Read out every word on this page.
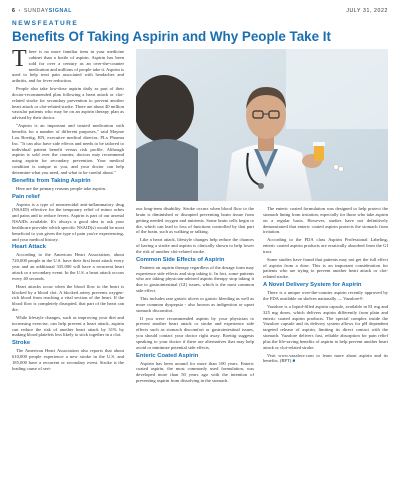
6 • SUNDAYSIGNAL	JULY 31, 2022
NEWSFEATURE
Benefits Of Taking Aspirin and Why People Take It

There is no more familiar item in your medicine cabinet than a bottle of aspirin. Aspirin has been sold for over a century as an over-the-counter medication and millions of people take it. Aspirin is used to help treat pain associated with headaches and arthritis, and for fever reduction.

People also take low-dose aspirin daily as part of their doctor-recommended plan following a heart attack or clot-related stroke for secondary prevention to prevent another heart attack or clot-related stroke. There are about 40 million vascular patients who may be on an aspirin therapy plan as advised by their doctor.

"Aspirin is an important and trusted medication with benefits for a number of different purposes," said Mayme Lou Roettig, RN, executive medical director, PLx Pharma Inc. "It can also have side effects and needs to be tailored to individual patient benefit versus risk profile. Although aspirin is sold over the counter, doctors may recommend using aspirin for secondary prevention. Your medical condition is unique to you, and your doctor can help determine what you need, and what to be careful about."

Benefits from Taking Aspirin

Here are the primary reasons people take aspirin.

Pain relief

Aspirin is a type of nonsteroidal anti-inflammatory drug (NSAID) effective for the temporary relief of minor aches and pains and to reduce fevers. Aspirin is part of our arsenal NSAIDs available. It's always a good idea to ask your healthcare provider which specific NSAID(s) would be most beneficial to you given the type of pain you're experiencing, and your medical history.

Heart Attack

According to the American Heart Association, about 720,000 people in the U.S. have their first heart attack every year and an additional 335,000 will have a recurrent heart attack or a secondary event. In the U.S. a heart attack occurs every 40 seconds.

Heart attacks occur when the blood flow to the heart is blocked by a blood clot. A blocked artery prevents oxygen-rich blood from reaching a vital section of the heart. If the blood flow is completely disrupted, that part of the heart can die.

While lifestyle changes, such as improving your diet and increasing exercise, can help prevent a heart attack, aspirin can reduce the risk of another heart attack by 31% by making blood platelets less likely to stick together in a clot.

Stroke

The American Heart Association also reports that about 610,000 people experience a new stroke in the U.S. and 185,000 have a recurrent or secondary event. Stroke is the leading cause of seri-

ous long-term disability. Stroke occurs when blood flow to the brain is diminished or disrupted preventing brain tissue from getting needed oxygen and nutrients. Some brain cells begin to die, which can lead to loss of functions controlled by that part of the brain, such as walking or talking.

Like a heart attack, lifestyle changes help reduce the chances of having a stroke and aspirin is clinically shown to help lower the risk of another clot-related stroke.

Common Side Effects of Aspirin

Patients on aspirin therapy regardless of the dosage form may experience side effects and stop taking it. In fact, some patients who are taking physician-advised aspirin therapy stop taking it due to gastrointestinal (GI) issues, which is the most common side effect.

This includes rare gastric ulcers or gastric bleeding as well as more common dyspepsia - also known as indigestion or upset stomach discomfort.

If you were recommended aspirin by your physician to prevent another heart attack or stroke and experience side effects such as stomach discomfort or gastrointestinal issues, you should contact your doctor right away. Roettig suggests speaking to your doctor if there are alternatives that may help avoid or minimize potential side effects.

Enteric Coated Aspirin

Aspirin has been around for more than 100 years. Enteric coated aspirin, the most commonly used formulation, was developed more than 50 years ago with the intention of preventing aspirin from dissolving in the stomach.

The enteric coated formulation was designed to help protect the stomach lining from irritation, especially for those who take aspirin on a regular basis. However, studies have not definitively demonstrated that enteric coated aspirin protects the stomach from irritation.

According to the FDA class Aspirin Professional Labeling, enteric coated aspirin products are erratically absorbed from the GI tract.

Some studies have found that patients may not get the full effect of aspirin from a dose. This is an important consideration for patients who are trying to prevent another heart attack or clot-related stroke.

A Novel Delivery System for Aspirin

There is a unique over-the-counter aspirin recently approved by the FDA available on shelves nationally — Vazalore®.

Vazalore is a liquid-filled aspirin capsule, available in 81 mg and 325 mg doses, which delivers aspirin differently from plain and enteric coated aspirin products. The special complex inside the Vazalore capsule and its delivery system allows for pH dependent targeted release of aspirin, limiting its direct contact with the stomach. Vazalore delivers fast, reliable absorption for pain relief plus the life-saving benefits of aspirin to help prevent another heart attack or clot-related stroke.

Visit www.vazalore.com to learn more about aspirin and its benefits. (BPT) ■
